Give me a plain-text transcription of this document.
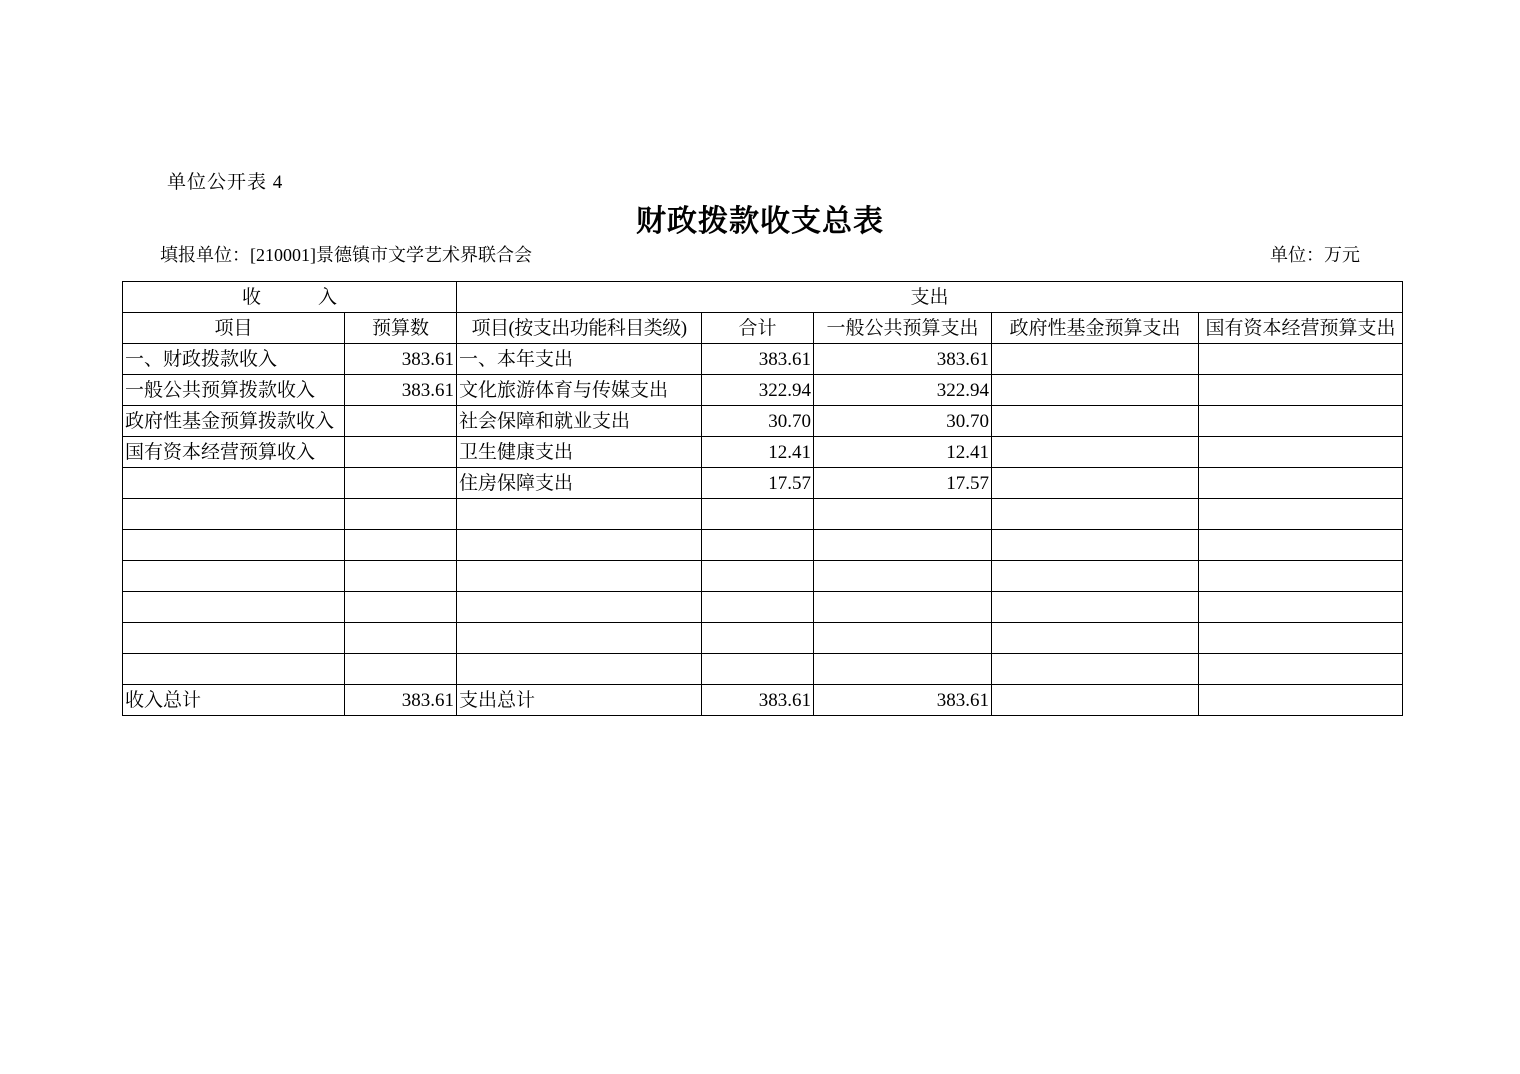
单位公开表 4
财政拨款收支总表
填报单位：[210001]景德镇市文学艺术界联合会	单位：万元
收　　　入		支出				
项目	预算数	项目(按支出功能科目类级)	合计	一般公共预算支出	政府性基金预算支出	国有资本经营预算支出
一、财政拨款收入	383.61	一、本年支出	383.61	383.61		
一般公共预算拨款收入	383.61	文化旅游体育与传媒支出	322.94	322.94		
政府性基金预算拨款收入		社会保障和就业支出	30.70	30.70		
国有资本经营预算收入		卫生健康支出	12.41	12.41		
		住房保障支出	17.57	17.57		

收入总计	383.61	支出总计	383.61	383.61		
